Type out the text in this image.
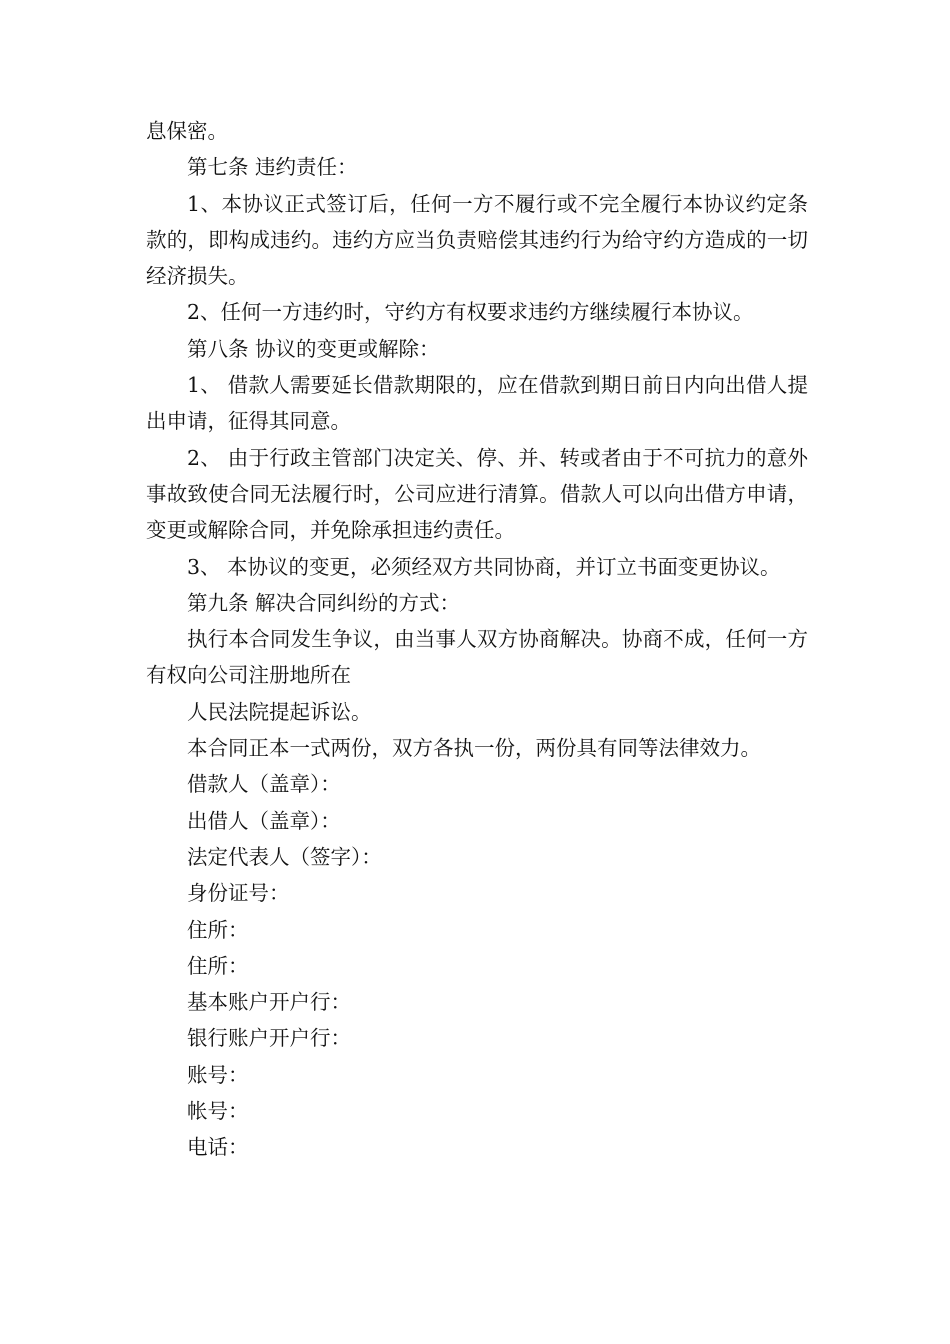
息保密。

第七条 违约责任：

1、本协议正式签订后，任何一方不履行或不完全履行本协议约定条款的，即构成违约。违约方应当负责赔偿其违约行为给守约方造成的一切经济损失。

2、任何一方违约时，守约方有权要求违约方继续履行本协议。

第八条 协议的变更或解除：

1、 借款人需要延长借款期限的，应在借款到期日前日内向出借人提出申请，征得其同意。

2、 由于行政主管部门决定关、停、并、转或者由于不可抗力的意外事故致使合同无法履行时，公司应进行清算。借款人可以向出借方申请，变更或解除合同，并免除承担违约责任。

3、 本协议的变更，必须经双方共同协商，并订立书面变更协议。

第九条 解决合同纠纷的方式：

执行本合同发生争议，由当事人双方协商解决。协商不成，任何一方有权向公司注册地所在

人民法院提起诉讼。

本合同正本一式两份，双方各执一份，两份具有同等法律效力。

借款人（盖章）：

出借人（盖章）：

法定代表人（签字）：

身份证号：

住所：

住所：

基本账户开户行：

银行账户开户行：

账号：

帐号：

电话：
